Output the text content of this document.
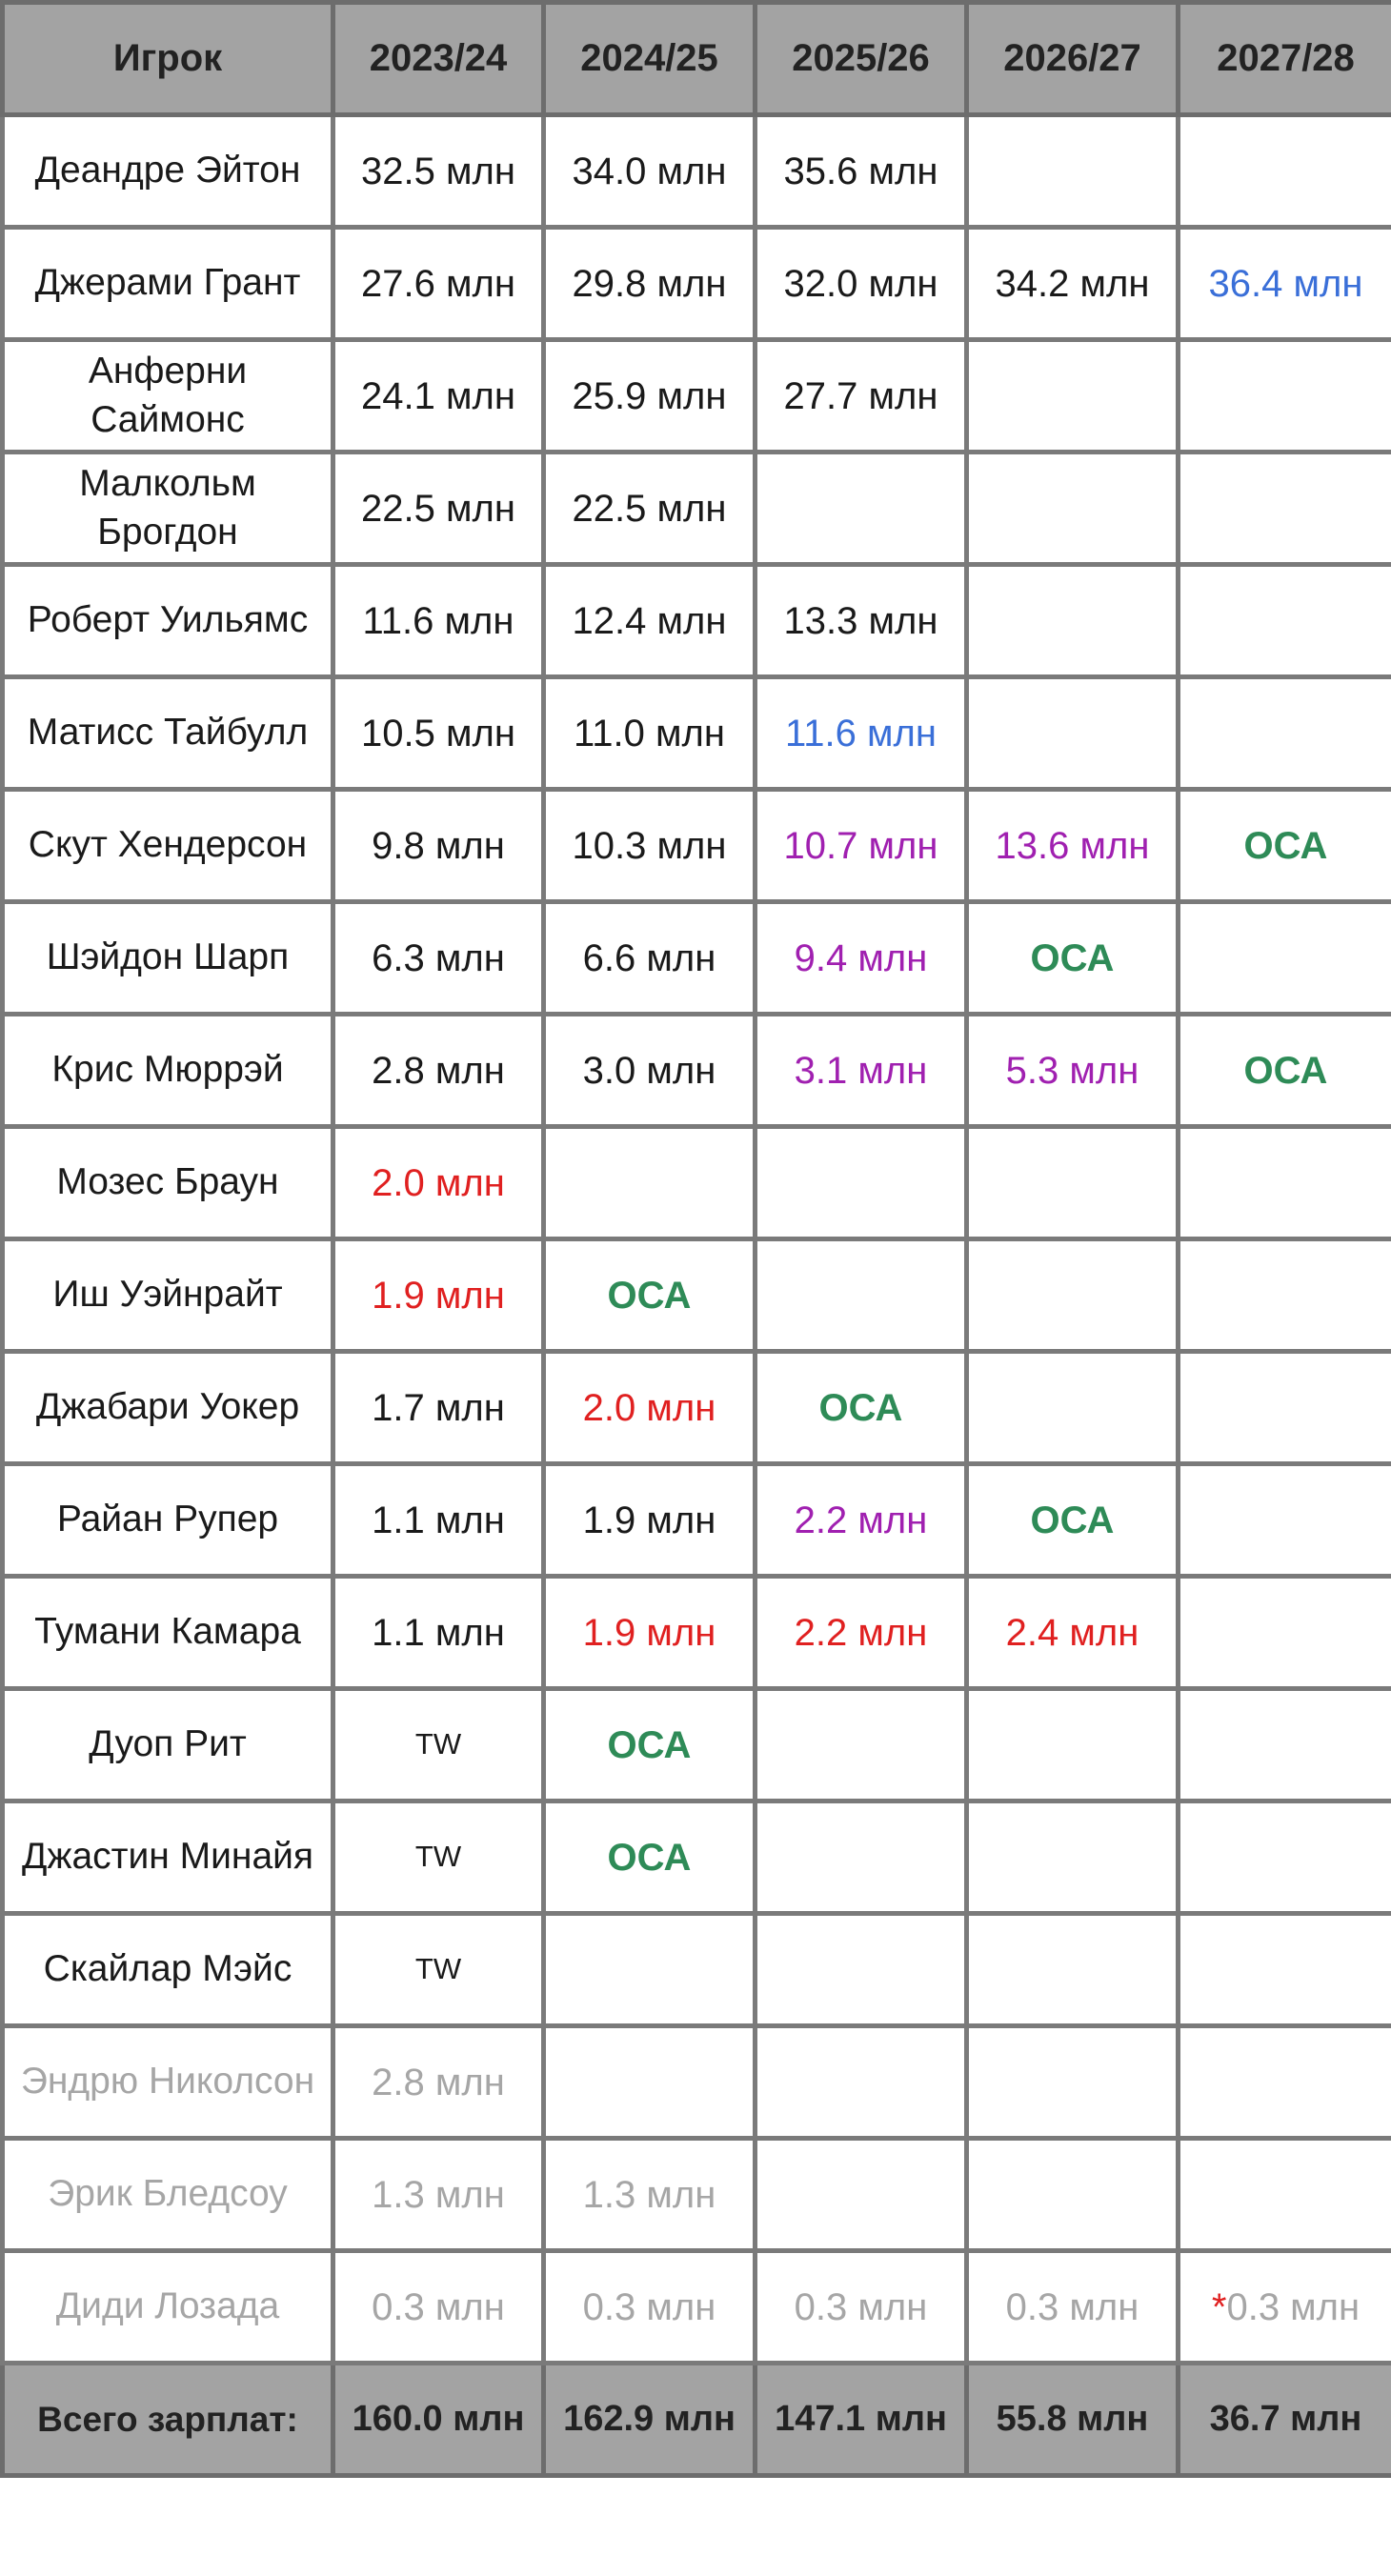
Игрок	2023/24	2024/25	2025/26	2026/27	2027/28
Деандре Эйтон	32.5 млн	34.0 млн	35.6 млн		
Джерами Грант	27.6 млн	29.8 млн	32.0 млн	34.2 млн	36.4 млн
Анферни Саймонс	24.1 млн	25.9 млн	27.7 млн		
Малкольм Брогдон	22.5 млн	22.5 млн			
Роберт Уильямс	11.6 млн	12.4 млн	13.3 млн		
Матисс Тайбулл	10.5 млн	11.0 млн	11.6 млн		
Скут Хендерсон	9.8 млн	10.3 млн	10.7 млн	13.6 млн	ОСА
Шэйдон Шарп	6.3 млн	6.6 млн	9.4 млн	ОСА	
Крис Мюррэй	2.8 млн	3.0 млн	3.1 млн	5.3 млн	ОСА
Мозес Браун	2.0 млн				
Иш Уэйнрайт	1.9 млн	ОСА			
Джабари Уокер	1.7 млн	2.0 млн	ОСА		
Райан Рупер	1.1 млн	1.9 млн	2.2 млн	ОСА	
Тумани Камара	1.1 млн	1.9 млн	2.2 млн	2.4 млн	
Дуоп Рит	TW	ОСА			
Джастин Минайя	TW	ОСА			
Скайлар Мэйс	TW				
Эндрю Николсон	2.8 млн				
Эрик Бледсоу	1.3 млн	1.3 млн			
Диди Лозада	0.3 млн	0.3 млн	0.3 млн	0.3 млн	*0.3 млн
Всего зарплат:	160.0 млн	162.9 млн	147.1 млн	55.8 млн	36.7 млн
